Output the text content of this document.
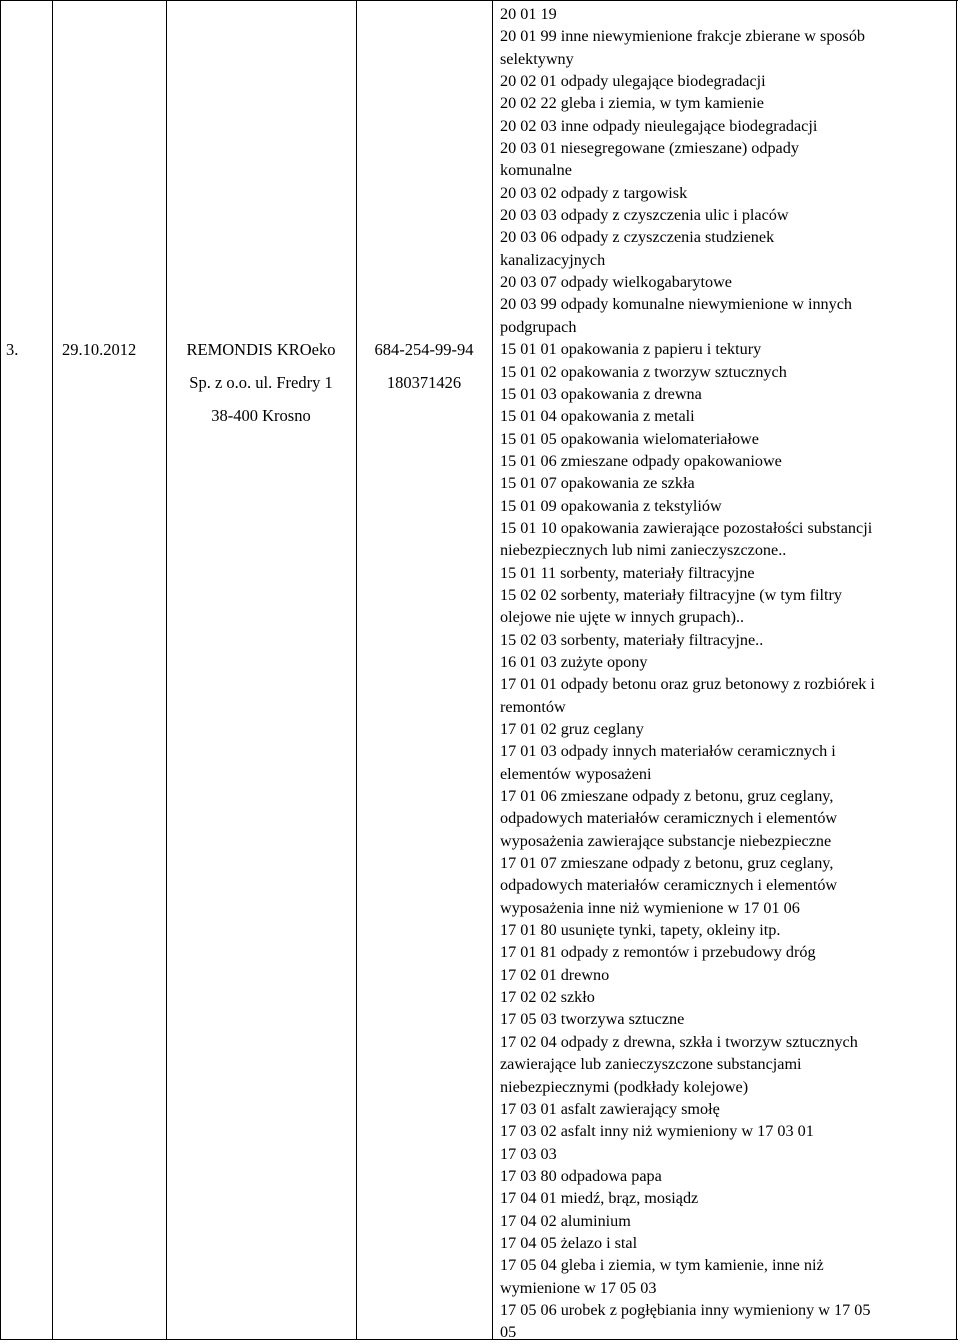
3.	29.10.2012	REMONDIS KROeko
Sp. z o.o. ul. Fredry 1
38-400 Krosno
684-254-99-94
180371426
20 01 19
20 01 99 inne niewymienione frakcje zbierane w sposób
selektywny
20 02 01 odpady ulegające biodegradacji
20 02 22 gleba i ziemia, w tym kamienie
20 02 03 inne odpady nieulegające biodegradacji
20 03 01 niesegregowane (zmieszane) odpady
komunalne
20 03 02 odpady z targowisk
20 03 03 odpady z czyszczenia ulic i placów
20 03 06 odpady z czyszczenia studzienek
kanalizacyjnych
20 03 07 odpady wielkogabarytowe
20 03 99 odpady komunalne niewymienione w innych
podgrupach
15 01 01 opakowania z papieru i tektury
15 01 02 opakowania z tworzyw sztucznych
15 01 03 opakowania z drewna
15 01 04 opakowania z metali
15 01 05 opakowania wielomateriałowe
15 01 06 zmieszane odpady opakowaniowe
15 01 07 opakowania ze szkła
15 01 09 opakowania z tekstyliów
15 01 10 opakowania zawierające pozostałości substancji
niebezpiecznych lub nimi zanieczyszczone..
15 01 11 sorbenty, materiały filtracyjne
15 02 02 sorbenty, materiały filtracyjne (w tym filtry
olejowe nie ujęte w innych grupach)..
15 02 03 sorbenty, materiały filtracyjne..
16 01 03 zużyte opony
17 01 01 odpady betonu oraz gruz betonowy z rozbiórek i
remontów
17 01 02 gruz ceglany
17 01 03 odpady innych materiałów ceramicznych i
elementów wyposażeni
17 01 06 zmieszane odpady z betonu, gruz ceglany,
odpadowych materiałów ceramicznych i elementów
wyposażenia zawierające substancje niebezpieczne
17 01 07 zmieszane odpady z betonu, gruz ceglany,
odpadowych materiałów ceramicznych i elementów
wyposażenia inne niż wymienione w 17 01 06
17 01 80 usunięte tynki, tapety, okleiny itp.
17 01 81 odpady z remontów i przebudowy dróg
17 02 01 drewno
17 02 02 szkło
17 05 03 tworzywa sztuczne
17 02 04 odpady z drewna, szkła i tworzyw sztucznych
zawierające lub zanieczyszczone substancjami
niebezpiecznymi (podkłady kolejowe)
17 03 01 asfalt zawierający smołę
17 03 02 asfalt inny niż wymieniony w 17 03 01
17 03 03
17 03 80 odpadowa papa
17 04 01 miedź, brąz, mosiądz
17 04 02 aluminium
17 04 05 żelazo i stal
17 05 04 gleba i ziemia, w tym kamienie, inne niż
wymienione w 17 05 03
17 05 06 urobek z pogłębiania inny wymieniony w 17 05
05
